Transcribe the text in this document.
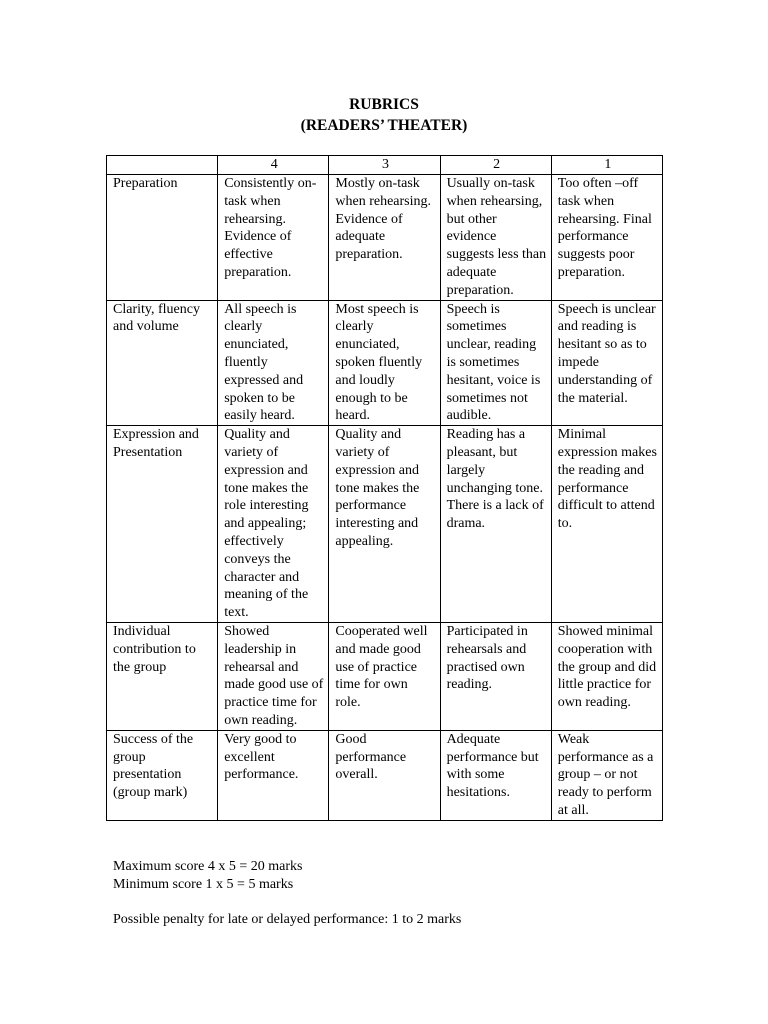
RUBRICS
(READERS’ THEATER)
	4	3	2	1
Preparation	Consistently on-task when rehearsing. Evidence of effective preparation.	Mostly on-task when rehearsing. Evidence of adequate preparation.	Usually on-task when rehearsing, but other evidence suggests less than adequate preparation.	Too often –off task when rehearsing. Final performance suggests poor preparation.
Clarity, fluency and volume	All speech is clearly enunciated, fluently expressed and spoken to be easily heard.	Most speech is clearly enunciated, spoken fluently and loudly enough to be heard.	Speech is sometimes unclear, reading is sometimes hesitant, voice is sometimes not audible.	Speech is unclear and reading is hesitant so as to impede understanding of the material.
Expression and Presentation	Quality and variety of expression and tone makes the role interesting and appealing; effectively conveys the character and meaning of the text.	Quality and variety of expression and tone makes the performance interesting and appealing.	Reading has a pleasant, but largely unchanging tone. There is a lack of drama.	Minimal expression makes the reading and performance difficult to attend to.
Individual contribution to the group	Showed leadership in rehearsal and made good use of practice time for own reading.	Cooperated well and made good use of practice time for own role.	Participated in rehearsals and practised own reading.	Showed minimal cooperation with the group and did little practice for own reading.
Success of the group presentation (group mark)	Very good to excellent performance.	Good performance overall.	Adequate performance but with some hesitations.	Weak performance as a group – or not ready to perform at all.
Maximum score 4 x 5 = 20 marks
Minimum score 1 x 5 = 5 marks
Possible penalty for late or delayed performance: 1 to 2 marks
